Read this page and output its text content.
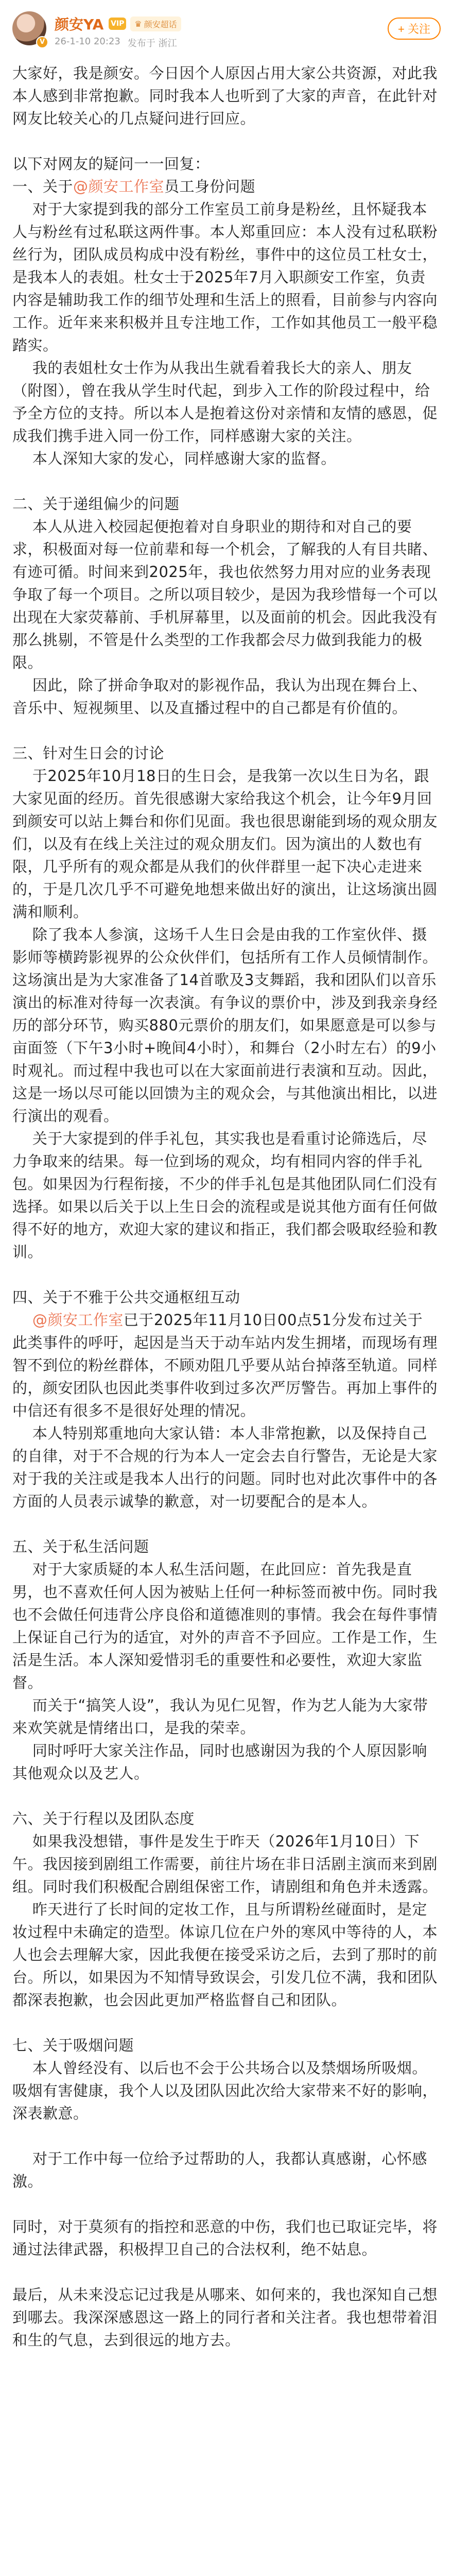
V
颜安YA VIP ♛ 颜安超话
26-1-10 20:23 发布于 浙江
+ 关注

大家好，我是颜安。今日因个人原因占用大家公共资源，对此我本人感到非常抱歉。同时我本人也听到了大家的声音，在此针对网友比较关心的几点疑问进行回应。

以下对网友的疑问一一回复：
一、关于@颜安工作室员工身份问题
对于大家提到我的部分工作室员工前身是粉丝，且怀疑我本人与粉丝有过私联这两件事。本人郑重回应：本人没有过私联粉丝行为，团队成员构成中没有粉丝，事件中的这位员工杜女士，是我本人的表姐。杜女士于2025年7月入职颜安工作室，负责内容是辅助我工作的细节处理和生活上的照看，目前参与内容向工作。近年来来积极并且专注地工作，工作如其他员工一般平稳踏实。
我的表姐杜女士作为从我出生就看着我长大的亲人、朋友（附图），曾在我从学生时代起，到步入工作的阶段过程中，给予全方位的支持。所以本人是抱着这份对亲情和友情的感恩，促成我们携手进入同一份工作，同样感谢大家的关注。
本人深知大家的发心，同样感谢大家的监督。

二、关于递组偏少的问题
本人从进入校园起便抱着对自身职业的期待和对自己的要求，积极面对每一位前辈和每一个机会，了解我的人有目共睹、有迹可循。时间来到2025年，我也依然努力用对应的业务表现争取了每一个项目。之所以项目较少，是因为我珍惜每一个可以出现在大家荧幕前、手机屏幕里，以及面前的机会。因此我没有那么挑剔，不管是什么类型的工作我都会尽力做到我能力的极限。
因此，除了拼命争取对的影视作品，我认为出现在舞台上、音乐中、短视频里、以及直播过程中的自己都是有价值的。

三、针对生日会的讨论
于2025年10月18日的生日会，是我第一次以生日为名，跟大家见面的经历。首先很感谢大家给我这个机会，让今年9月回到颜安可以站上舞台和你们见面。我也很思谢能到场的观众朋友们，以及有在线上关注过的观众朋友们。因为演出的人数也有限，几乎所有的观众都是从我们的伙伴群里一起下决心走进来的，于是几次几乎不可避免地想来做出好的演出，让这场演出圆满和顺利。
除了我本人参演，这场千人生日会是由我的工作室伙伴、摄影师等横跨影视界的公众伙伴们，包括所有工作人员倾情制作。这场演出是为大家准备了14首歌及3支舞蹈，我和团队们以音乐演出的标准对待每一次表演。有争议的票价中，涉及到我亲身经历的部分环节，购买880元票价的朋友们，如果愿意是可以参与亩面签（下午3小时+晚间4小时），和舞台（2小时左右）的9小时观礼。而过程中我也可以在大家面前进行表演和互动。因此，这是一场以尽可能以回馈为主的观众会，与其他演出相比，以进行演出的观看。
关于大家提到的伴手礼包，其实我也是看重讨论筛选后，尽力争取来的结果。每一位到场的观众，均有相同内容的伴手礼包。如果因为行程衔接，不少的伴手礼包是其他团队同仁们没有选择。如果以后关于以上生日会的流程或是说其他方面有任何做得不好的地方，欢迎大家的建议和指正，我们都会吸取经验和教训。

四、关于不雅于公共交通枢纽互动
@颜安工作室已于2025年11月10日00点51分发布过关于此类事件的呼吁，起因是当天于动车站内发生拥堵，而现场有理智不到位的粉丝群体，不顾劝阻几乎要从站台掉落至轨道。同样的，颜安团队也因此类事件收到过多次严厉警告。再加上事件的中信还有很多不是很好处理的情况。
本人特别郑重地向大家认错：本人非常抱歉，以及保持自己的自律，对于不合规的行为本人一定会去自行警告，无论是大家对于我的关注或是我本人出行的问题。同时也对此次事件中的各方面的人员表示诚挚的歉意，对一切要配合的是本人。

五、关于私生活问题
对于大家质疑的本人私生活问题，在此回应：首先我是直男，也不喜欢任何人因为被贴上任何一种标签而被中伤。同时我也不会做任何违背公序良俗和道德准则的事情。我会在每件事情上保证自己行为的适宜，对外的声音不予回应。工作是工作，生活是生活。本人深知爱惜羽毛的重要性和必要性，欢迎大家监督。
而关于“搞笑人设”，我认为见仁见智，作为艺人能为大家带来欢笑就是情绪出口，是我的荣幸。
同时呼吁大家关注作品，同时也感谢因为我的个人原因影响其他观众以及艺人。

六、关于行程以及团队态度
如果我没想错，事件是发生于昨天（2026年1月10日）下午。我因接到剧组工作需要，前往片场在非日活剧主演而来到剧组。同时我们积极配合剧组保密工作，请剧组和角色并未透露。
昨天进行了长时间的定妆工作，且与所谓粉丝碰面时，是定妆过程中未确定的造型。体谅几位在户外的寒风中等待的人，本人也会去理解大家，因此我便在接受采访之后，去到了那时的前台。所以，如果因为不知情导致误会，引发几位不满，我和团队都深表抱歉，也会因此更加严格监督自己和团队。

七、关于吸烟问题
本人曾经没有、以后也不会于公共场合以及禁烟场所吸烟。吸烟有害健康，我个人以及团队因此次给大家带来不好的影响，深表歉意。

对于工作中每一位给予过帮助的人，我都认真感谢，心怀感激。

同时，对于莫须有的指控和恶意的中伤，我们也已取证完毕，将通过法律武器，积极捍卫自己的合法权利，绝不姑息。

最后，从未来没忘记过我是从哪来、如何来的，我也深知自己想到哪去。我深深感恩这一路上的同行者和关注者。我也想带着泪和生的气息，去到很远的地方去。
